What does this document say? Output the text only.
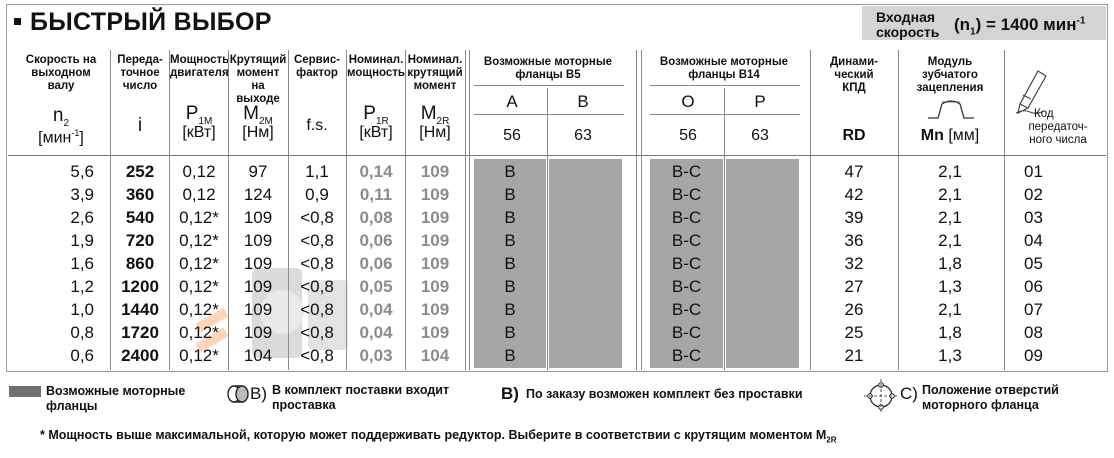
БЫСТРЫЙ ВЫБОР	Входная
скорость $(n_1) = 1400$ мин$^{-1}$
Скорость на
выходном
валу
$n_2$
[мин$^{-1}$]
Переда-
точное
число
i
Мощность
двигателя
$P_{1M}$
[кВт]
Крутящий
момент на
выходе
$M_{2M}$
[Нм]
Сервис-
фактор
f.s.
Номинал.
мощность
$P_{1R}$
[кВт]
Номинал.
крутящий
момент
$M_{2R}$
[Нм]
Возможные моторные
фланцы B5
A	B
56	63
Возможные моторные
фланцы B14
O	P
56	63
Динами-
ческий
КПД
RD
Модуль
зубчатого
зацепления
Mn [мм]
Код
передаточ-
ного числа
5,6	252	0,12	97	1,1	0,14	109	B	B-C	47	2,1	01
3,9	360	0,12	124	0,9	0,11	109	B	B-C	42	2,1	02
2,6	540	0,12*	109	<0,8	0,08	109	B	B-C	39	2,1	03
1,9	720	0,12*	109	<0,8	0,06	109	B	B-C	36	2,1	04
1,6	860	0,12*	109	<0,8	0,06	109	B	B-C	32	1,8	05
1,2	1200	0,12*	109	<0,8	0,05	109	B	B-C	27	1,3	06
1,0	1440	0,12*	109	<0,8	0,04	109	B	B-C	26	2,1	07
0,8	1720	0,12*	109	<0,8	0,04	109	B	B-C	25	1,8	08
0,6	2400	0,12*	104	<0,8	0,03	104	B	B-C	21	1,3	09
Возможные моторные
фланцы
B) В комплект поставки входит
проставка
B) По заказу возможен комплект без проставки	C) Положение отверстий
моторного фланца
* Мощность выше максимальной, которую может поддерживать редуктор. Выберите в соответствии с крутящим моментом $M_{2R}$
